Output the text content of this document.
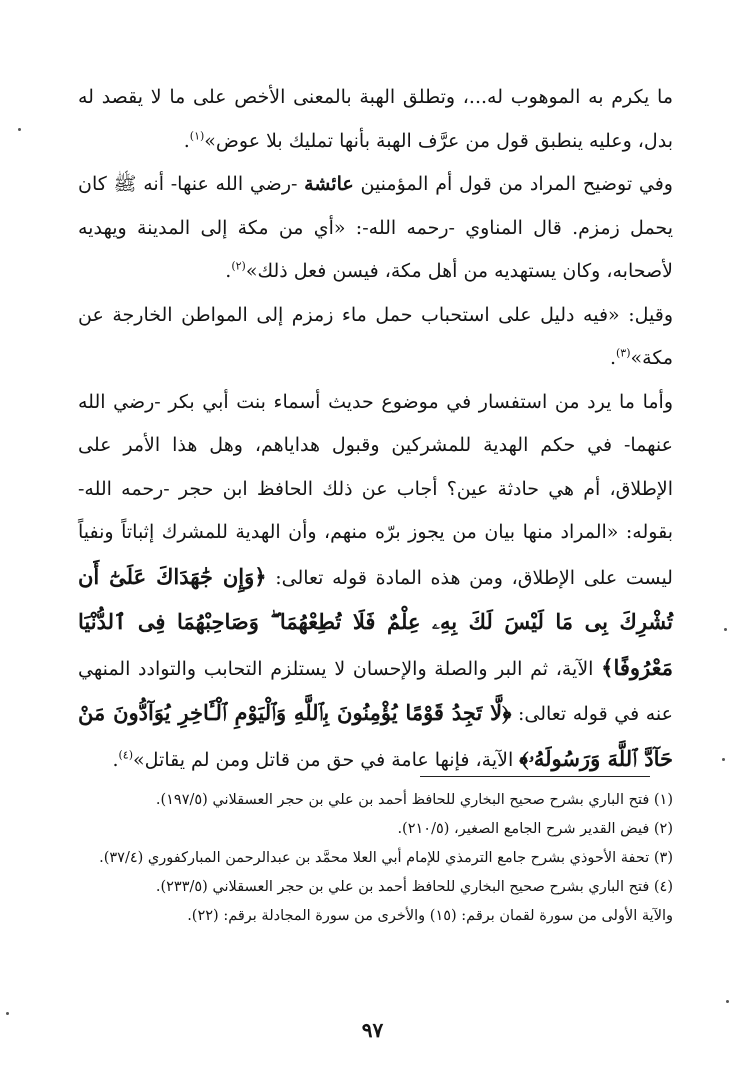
ما يكرم به الموهوب له...، وتطلق الهبة بالمعنى الأخص على ما لا يقصد له بدل، وعليه ينطبق قول من عرَّف الهبة بأنها تمليك بلا عوض»$^{(١)}$.

وفي توضيح المراد من قول أم المؤمنين عائشة -رضي الله عنها- أنه ﷺ كان يحمل زمزم. قال المناوي -رحمه الله-: «أي من مكة إلى المدينة ويهديه لأصحابه، وكان يستهديه من أهل مكة، فيسن فعل ذلك»$^{(٢)}$.

وقيل: «فيه دليل على استحباب حمل ماء زمزم إلى المواطن الخارجة عن مكة»$^{(٣)}$.

وأما ما يرد من استفسار في موضوع حديث أسماء بنت أبي بكر -رضي الله عنهما- في حكم الهدية للمشركين وقبول هداياهم، وهل هذا الأمر على الإطلاق، أم هي حادثة عين؟ أجاب عن ذلك الحافظ ابن حجر -رحمه الله- بقوله: «المراد منها بيان من يجوز برّه منهم، وأن الهدية للمشرك إثباتاً ونفياً ليست على الإطلاق، ومن هذه المادة قوله تعالى: ﴿وَإِن جَٰهَدَاكَ عَلَىٰٓ أَن تُشْرِكَ بِى مَا لَيْسَ لَكَ بِهِۦ عِلْمٌ فَلَا تُطِعْهُمَا ۖ وَصَاحِبْهُمَا فِى ٱلدُّنْيَا مَعْرُوفًا﴾ الآية، ثم البر والصلة والإحسان لا يستلزم التحابب والتوادد المنهي عنه في قوله تعالى: ﴿لَّا تَجِدُ قَوْمًا يُؤْمِنُونَ بِٱللَّهِ وَٱلْيَوْمِ ٱلْـَٔاخِرِ يُوَآدُّونَ مَنْ حَآدَّ ٱللَّهَ وَرَسُولَهُۥ﴾ الآية، فإنها عامة في حق من قاتل ومن لم يقاتل»$^{(٤)}$.

(١) فتح الباري بشرح صحيح البخاري للحافظ أحمد بن علي بن حجر العسقلاني (١٩٧/٥).

(٢) فيض القدير شرح الجامع الصغير، (٢١٠/٥).

(٣) تحفة الأحوذي بشرح جامع الترمذي للإمام أبي العلا محمَّد بن عبدالرحمن المباركفوري (٣٧/٤).

(٤) فتح الباري بشرح صحيح البخاري للحافظ أحمد بن علي بن حجر العسقلاني (٢٣٣/٥).

والآية الأولى من سورة لقمان برقم: (١٥) والأخرى من سورة المجادلة برقم: (٢٢).

٩٧
